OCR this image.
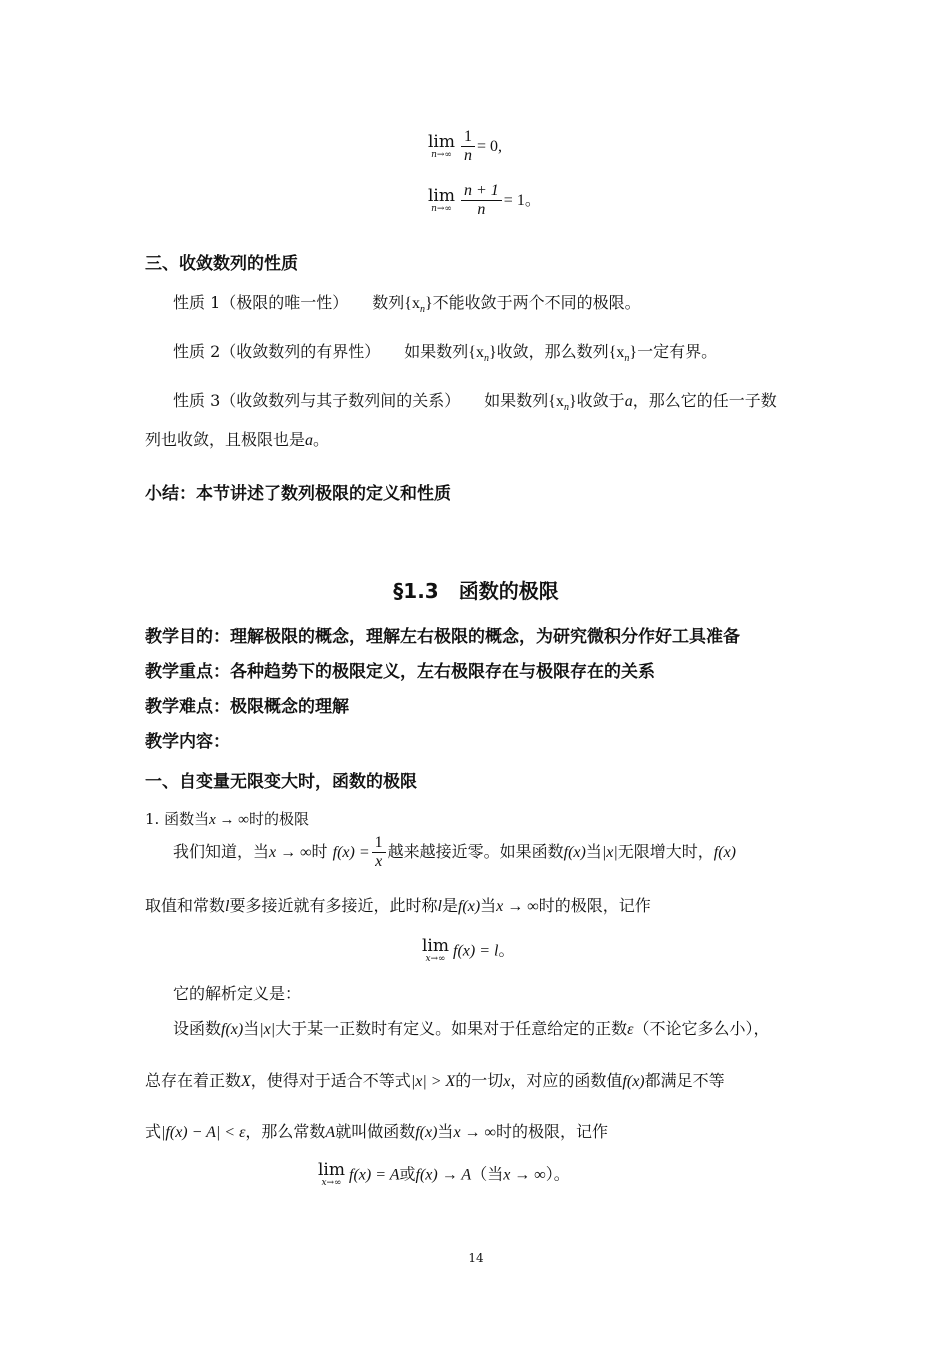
lim
$n\to\infty \frac{1}{n} = 0$,
lim
$n\to\infty \frac{n + 1}{n} = 1$。
三、收敛数列的性质
性质 1（极限的唯一性） 数列$\{x_n\}$不能收敛于两个不同的极限。
性质 2（收敛数列的有界性） 如果数列$\{x_n\}$收敛，那么数列$\{x_n\}$一定有界。
性质 3（收敛数列与其子数列间的关系） 如果数列$\{x_n\}$收敛于a，那么它的任一子数
列也收敛，且极限也是a。
小结：本节讲述了数列极限的定义和性质
§1.3　函数的极限
教学目的：理解极限的概念，理解左右极限的概念，为研究微积分作好工具准备
教学重点：各种趋势下的极限定义，左右极限存在与极限存在的关系
教学难点：极限概念的理解
教学内容：
一、自变量无限变大时，函数的极限
1. 函数当x → ∞时的极限
我们知道，当x → ∞时 $f(x) = \frac{1}{x}$ 越来越接近零。如果函数f(x)当|x|无限增大时，f(x)
取值和常数l要多接近就有多接近，此时称l是f(x)当x → ∞时的极限，记作
lim
x→∞ f(x) = l。
它的解析定义是：
设函数f(x)当|x|大于某一正数时有定义。如果对于任意给定的正数ε（不论它多么小），
总存在着正数X，使得对于适合不等式|x| > X的一切x，对应的函数值f(x)都满足不等
式|f(x) − A| < ε，那么常数A就叫做函数f(x)当x → ∞时的极限，记作
lim
x→∞ f(x) = A或f(x) → A（当x → ∞）。
14
